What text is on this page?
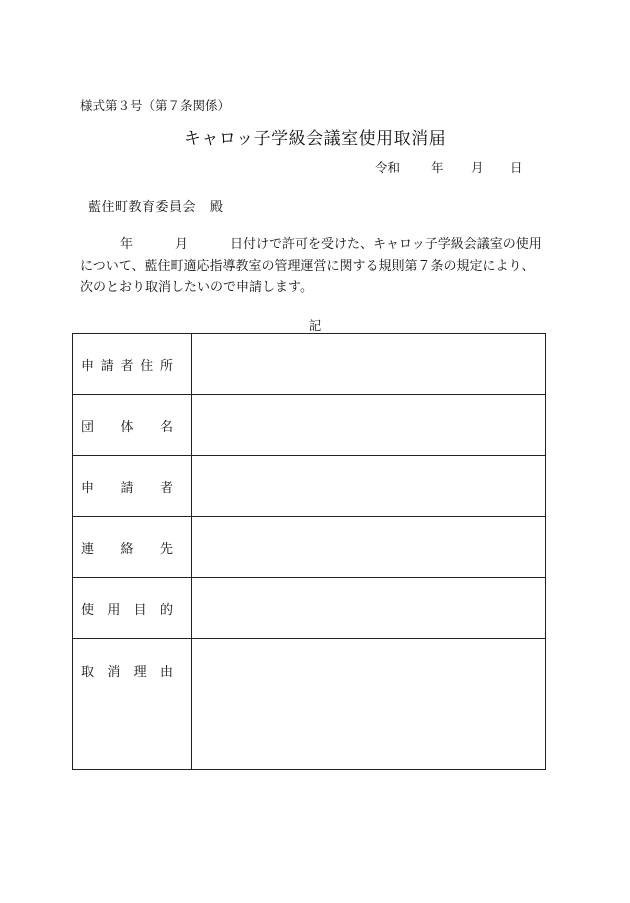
様式第３号（第７条関係）
キャロッ子学級会議室使用取消届
令和 年 月 日
藍住町教育委員会 殿

年	月	日付けで許可を受けた、キャロッ子学級会議室の使用

について、藍住町適応指導教室の管理運営に関する規則第７条の規定により、

次のとおり取消したいので申請します。

記
申 請 者 住 所	

団 体 名	

申 請 者	

連 絡 先	

使 用 目 的	

取 消 理 由	
